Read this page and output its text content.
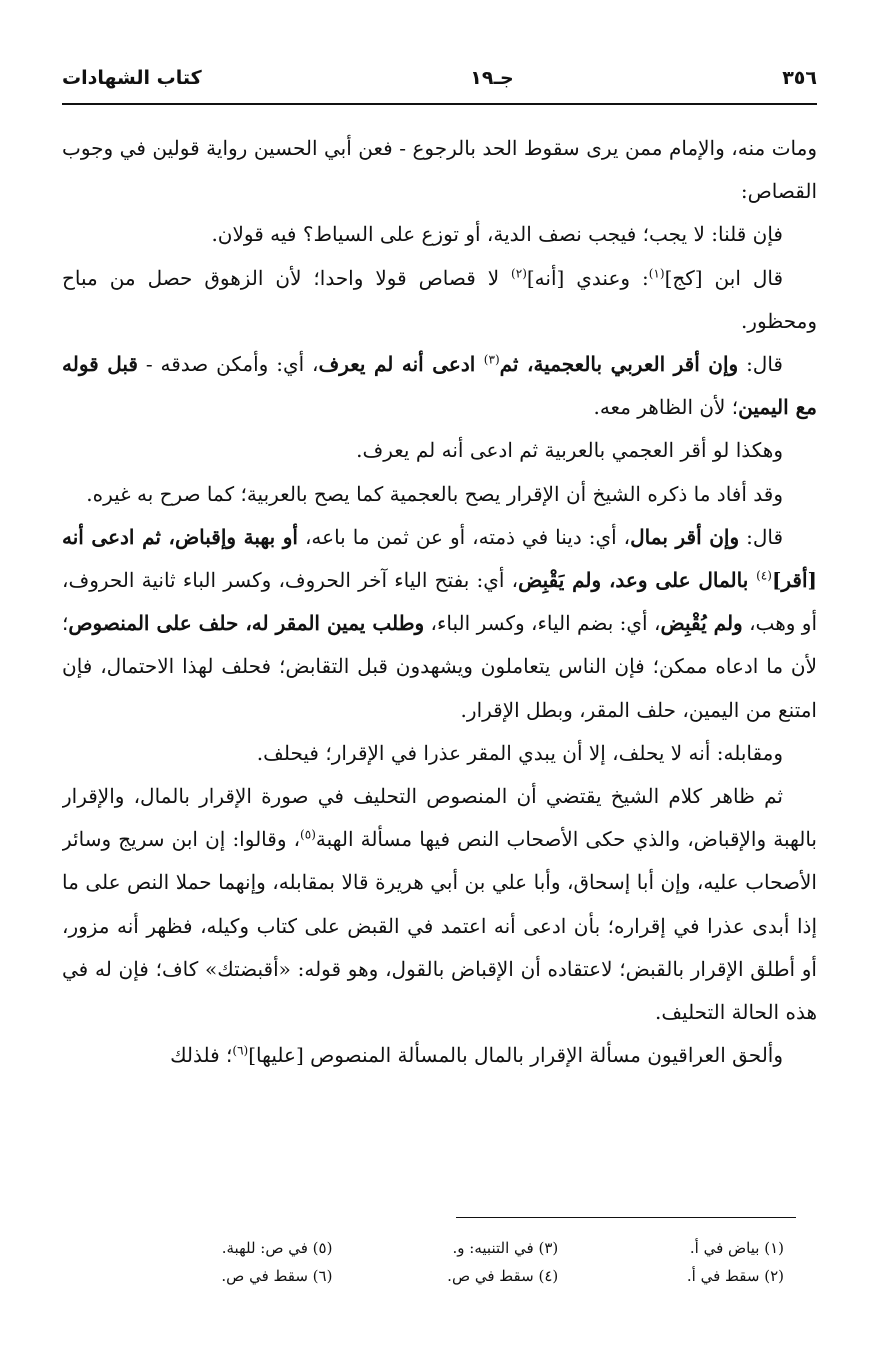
٣٥٦
جـ١٩
كتاب الشهادات

ومات منه، والإمام ممن يرى سقوط الحد بالرجوع - فعن أبي الحسين رواية قولين في وجوب القصاص:

فإن قلنا: لا يجب؛ فيجب نصف الدية، أو توزع على السياط؟ فيه قولان.

قال ابن [كج]$^{(١)}$: وعندي [أنه]$^{(٢)}$ لا قصاص قولا واحدا؛ لأن الزهوق حصل من مباح ومحظور.

قال: وإن أقر العربي بالعجمية، ثم$^{(٣)}$ ادعى أنه لم يعرف، أي: وأمكن صدقه - قبل قوله مع اليمين؛ لأن الظاهر معه.

وهكذا لو أقر العجمي بالعربية ثم ادعى أنه لم يعرف.

وقد أفاد ما ذكره الشيخ أن الإقرار يصح بالعجمية كما يصح بالعربية؛ كما صرح به غيره.

قال: وإن أقر بمال، أي: دينا في ذمته، أو عن ثمن ما باعه، أو بهبة وإقباض، ثم ادعى أنه [أقر]$^{(٤)}$ بالمال على وعد، ولم يَقْبِض، أي: بفتح الياء آخر الحروف، وكسر الباء ثانية الحروف، أو وهب، ولم يُقْبِض، أي: بضم الياء، وكسر الباء، وطلب يمين المقر له، حلف على المنصوص؛ لأن ما ادعاه ممكن؛ فإن الناس يتعاملون ويشهدون قبل التقابض؛ فحلف لهذا الاحتمال، فإن امتنع من اليمين، حلف المقر، وبطل الإقرار.

ومقابله: أنه لا يحلف، إلا أن يبدي المقر عذرا في الإقرار؛ فيحلف.

ثم ظاهر كلام الشيخ يقتضي أن المنصوص التحليف في صورة الإقرار بالمال، والإقرار بالهبة والإقباض، والذي حكى الأصحاب النص فيها مسألة الهبة$^{(٥)}$، وقالوا: إن ابن سريج وسائر الأصحاب عليه، وإن أبا إسحاق، وأبا علي بن أبي هريرة قالا بمقابله، وإنهما حملا النص على ما إذا أبدى عذرا في إقراره؛ بأن ادعى أنه اعتمد في القبض على كتاب وكيله، فظهر أنه مزور، أو أطلق الإقرار بالقبض؛ لاعتقاده أن الإقباض بالقول، وهو قوله: «أقبضتك» كاف؛ فإن له في هذه الحالة التحليف.

وألحق العراقيون مسألة الإقرار بالمال بالمسألة المنصوص [عليها]$^{(٦)}$؛ فلذلك

(١) بياض في أ.
(٣) في التنبيه: و.
(٥) في ص: للهبة.
(٢) سقط في أ.
(٤) سقط في ص.
(٦) سقط في ص.
